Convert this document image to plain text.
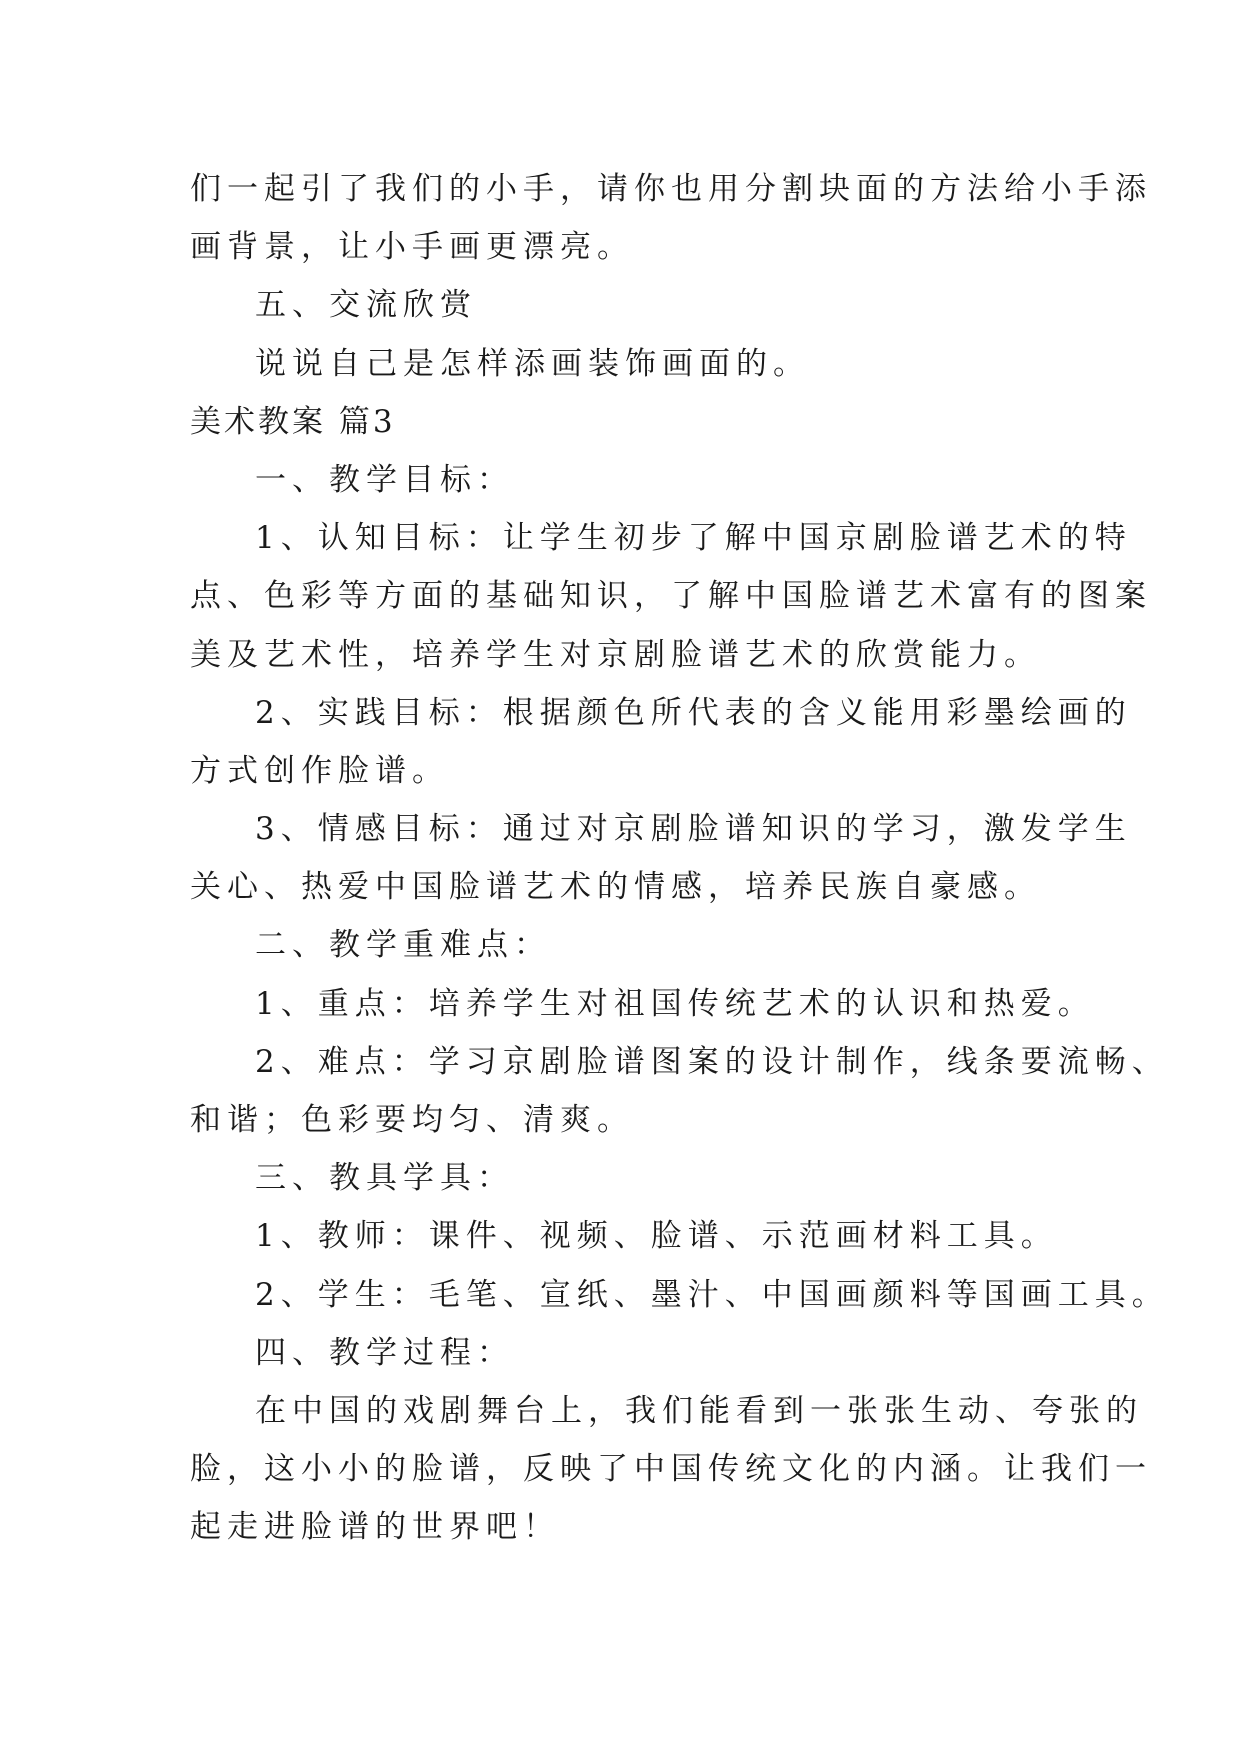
们一起引了我们的小手，请你也用分割块面的方法给小手添

画背景，让小手画更漂亮。

五、交流欣赏

说说自己是怎样添画装饰画面的。

美术教案 篇3

一、教学目标：

1、认知目标：让学生初步了解中国京剧脸谱艺术的特

点、色彩等方面的基础知识，了解中国脸谱艺术富有的图案

美及艺术性，培养学生对京剧脸谱艺术的欣赏能力。

2、实践目标：根据颜色所代表的含义能用彩墨绘画的

方式创作脸谱。

3、情感目标：通过对京剧脸谱知识的学习，激发学生

关心、热爱中国脸谱艺术的情感，培养民族自豪感。

二、教学重难点：

1、重点：培养学生对祖国传统艺术的认识和热爱。

2、难点：学习京剧脸谱图案的设计制作，线条要流畅、

和谐；色彩要均匀、清爽。

三、教具学具：

1、教师：课件、视频、脸谱、示范画材料工具。

2、学生：毛笔、宣纸、墨汁、中国画颜料等国画工具。

四、教学过程：

在中国的戏剧舞台上，我们能看到一张张生动、夸张的

脸，这小小的脸谱，反映了中国传统文化的内涵。让我们一

起走进脸谱的世界吧！
